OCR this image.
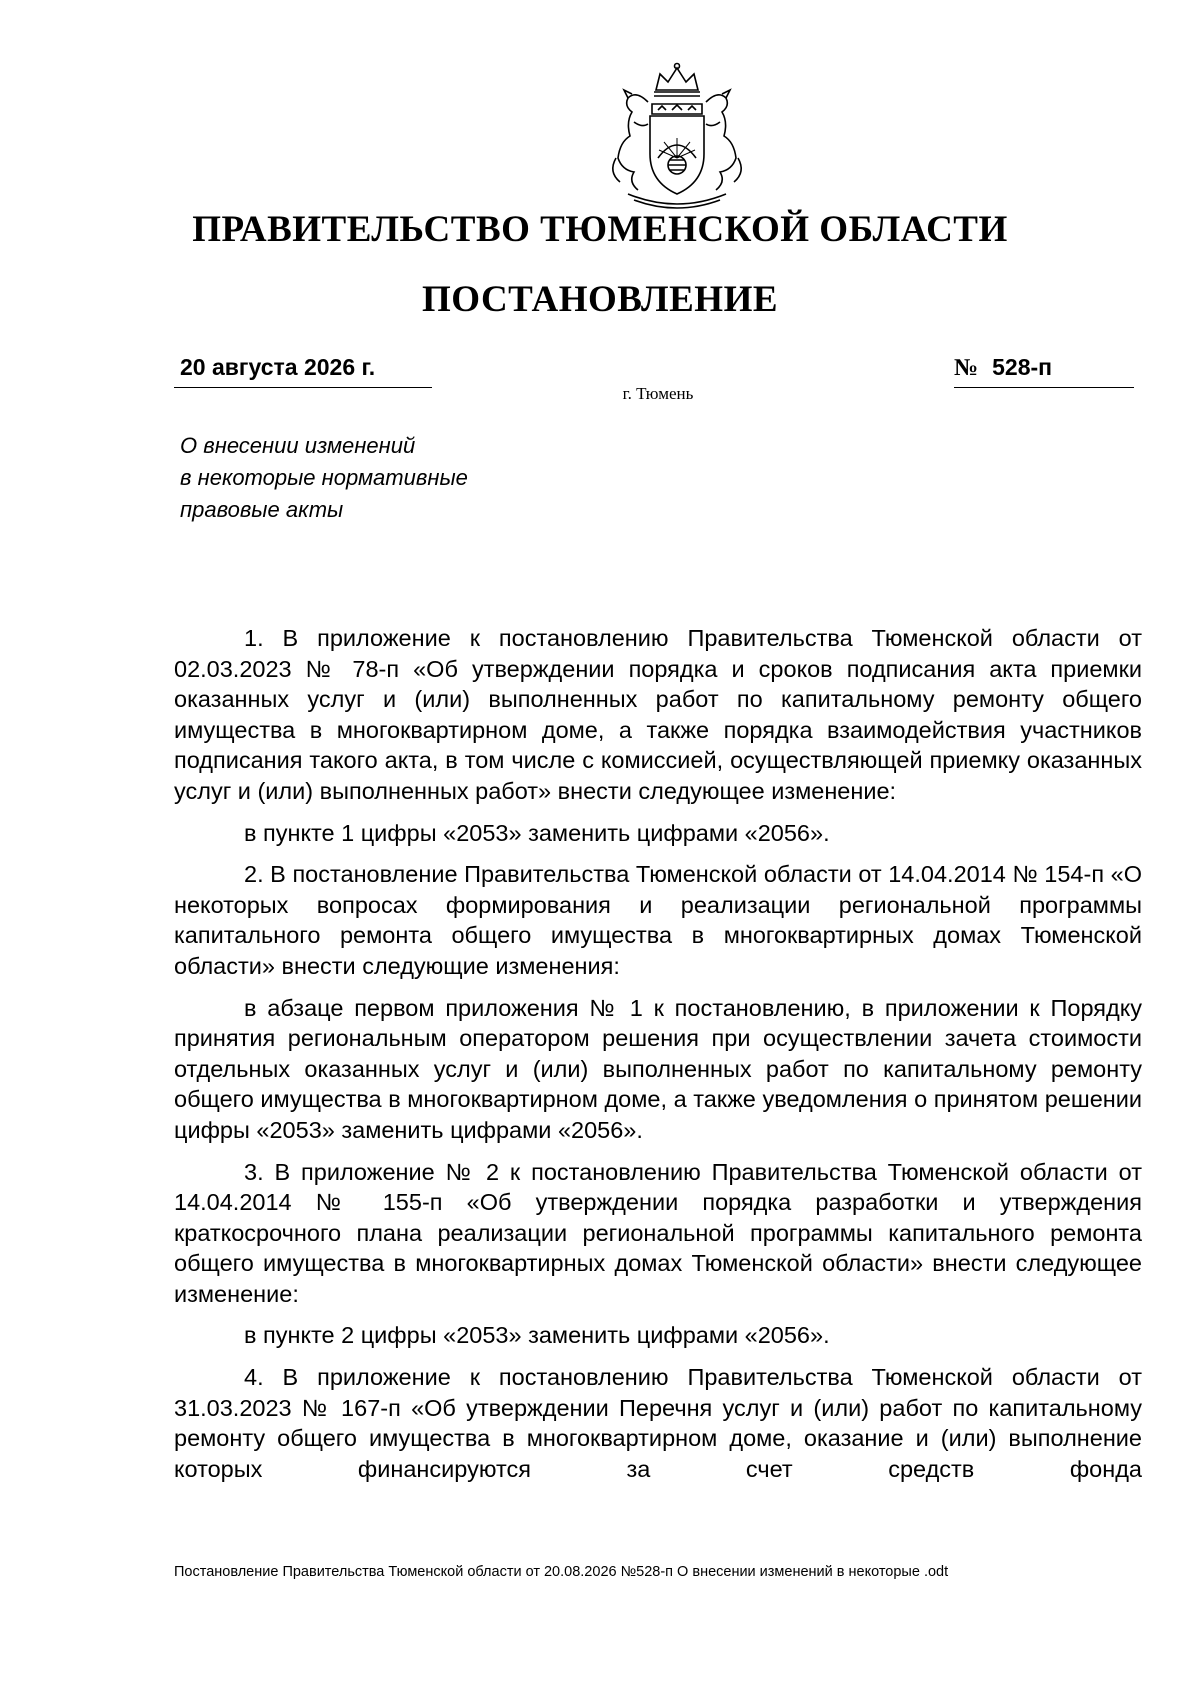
ПРАВИТЕЛЬСТВО ТЮМЕНСКОЙ ОБЛАСТИ
ПОСТАНОВЛЕНИЕ
20 августа 2026 г.	№ 528-п
г. Тюмень
О внесении изменений
в некоторые нормативные
правовые акты

1. В приложение к постановлению Правительства Тюменской области от 02.03.2023 № 78-п «Об утверждении порядка и сроков подписания акта приемки оказанных услуг и (или) выполненных работ по капитальному ремонту общего имущества в многоквартирном доме, а также порядка взаимодействия участников подписания такого акта, в том числе с комиссией, осуществляющей приемку оказанных услуг и (или) выполненных работ» внести следующее изменение:

в пункте 1 цифры «2053» заменить цифрами «2056».

2. В постановление Правительства Тюменской области от 14.04.2014 № 154-п «О некоторых вопросах формирования и реализации региональной программы капитального ремонта общего имущества в многоквартирных домах Тюменской области» внести следующие изменения:

в абзаце первом приложения № 1 к постановлению, в приложении к Порядку принятия региональным оператором решения при осуществлении зачета стоимости отдельных оказанных услуг и (или) выполненных работ по капитальному ремонту общего имущества в многоквартирном доме, а также уведомления о принятом решении цифры «2053» заменить цифрами «2056».

3. В приложение № 2 к постановлению Правительства Тюменской области от 14.04.2014 № 155-п «Об утверждении порядка разработки и утверждения краткосрочного плана реализации региональной программы капитального ремонта общего имущества в многоквартирных домах Тюменской области» внести следующее изменение:

в пункте 2 цифры «2053» заменить цифрами «2056».

4. В приложение к постановлению Правительства Тюменской области от 31.03.2023 № 167-п «Об утверждении Перечня услуг и (или) работ по капитальному ремонту общего имущества в многоквартирном доме, оказание и (или) выполнение которых финансируются за счет средств фонда

Постановление Правительства Тюменской области от 20.08.2026 №528-п О внесении изменений в некоторые .odt
